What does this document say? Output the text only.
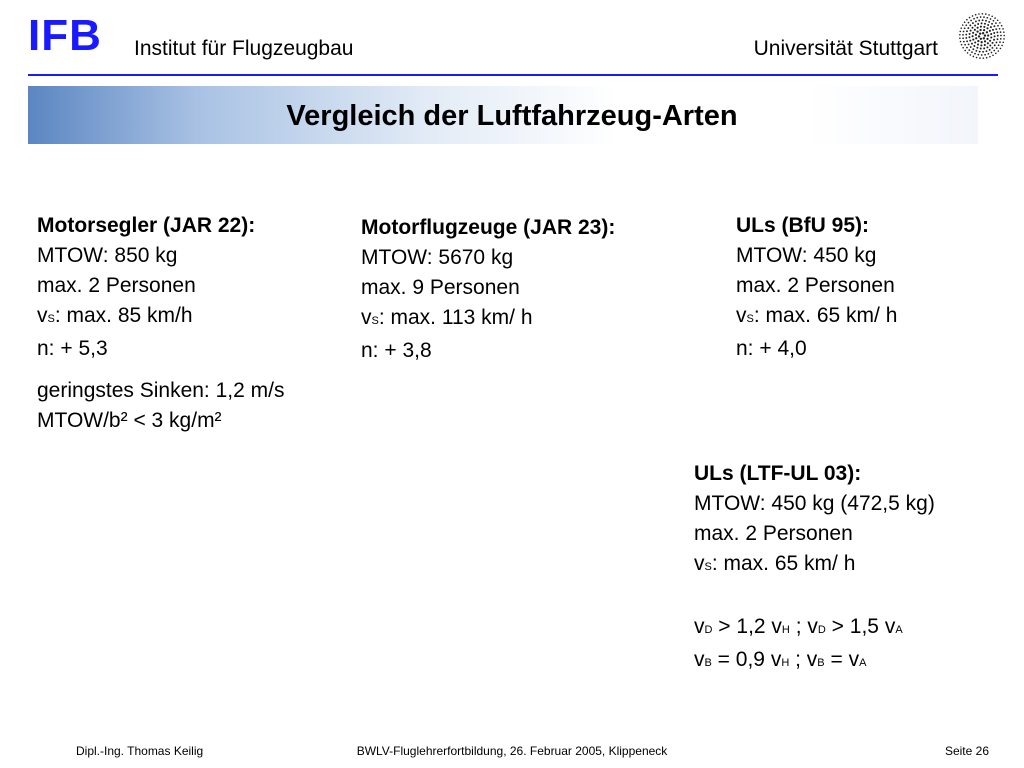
IFB Institut für Flugzeugbau	Universität Stuttgart
Vergleich der Luftfahrzeug-Arten
Motorsegler (JAR 22):
MTOW: 850 kg
max. 2 Personen
vS: max. 85 km/h
n: + 5,3
geringstes Sinken: 1,2 m/s
MTOW/b² < 3 kg/m²
Motorflugzeuge (JAR 23):
MTOW: 5670 kg
max. 9 Personen
vS: max. 113 km/ h
n: + 3,8
ULs (BfU 95):
MTOW: 450 kg
max. 2 Personen
vS: max. 65 km/ h
n: + 4,0
ULs (LTF-UL 03):
MTOW: 450 kg (472,5 kg)
max. 2 Personen
vS: max. 65 km/ h
vD > 1,2 vH ; vD > 1,5 vA
vB = 0,9 vH ; vB = vA
Dipl.-Ing. Thomas Keilig	BWLV-Fluglehrerfortbildung, 26. Februar 2005, Klippeneck	Seite 26
